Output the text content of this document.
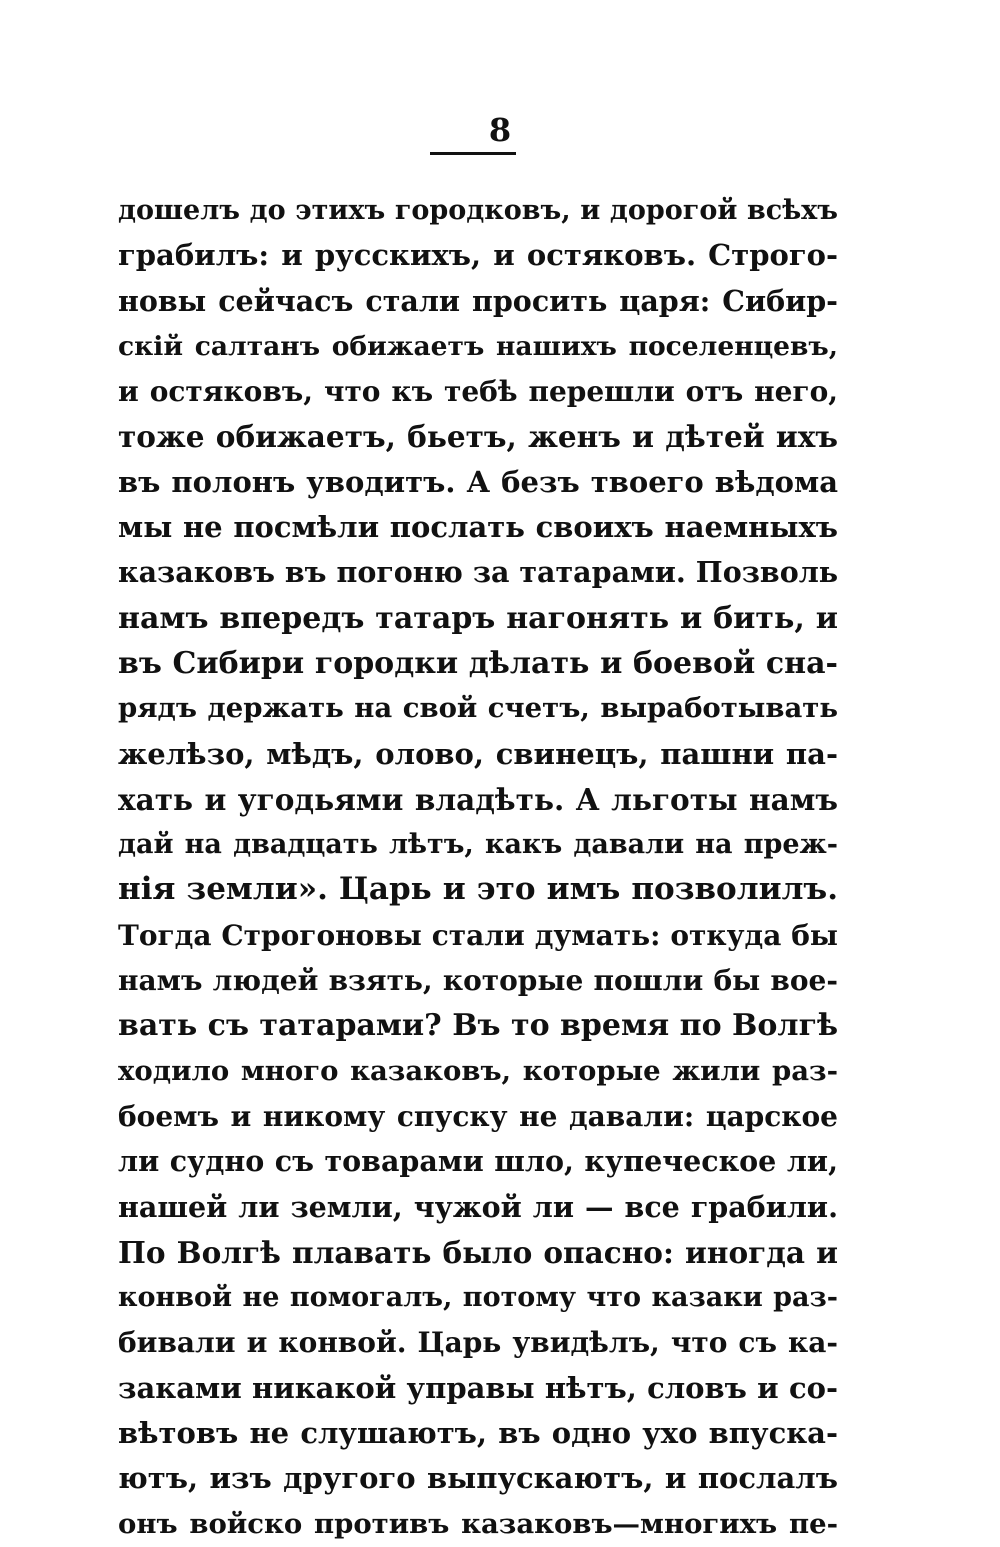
8
дошелъ до этихъ городковъ, и дорогой всѣхъ
грабилъ: и русскихъ, и остяковъ. Строго-
новы сейчасъ стали просить царя: Сибир-
скій салтанъ обижаетъ нашихъ поселенцевъ,
и остяковъ, что къ тебѣ перешли отъ него,
тоже обижаетъ, бьетъ, женъ и дѣтей ихъ
въ полонъ уводитъ. А безъ твоего вѣдома
мы не посмѣли послать своихъ наемныхъ
казаковъ въ погоню за татарами. Позволь
намъ впередъ татаръ нагонять и бить, и
въ Сибири городки дѣлать и боевой сна-
рядъ держать на свой счетъ, выработывать
желѣзо, мѣдъ, олово, свинецъ, пашни па-
хать и угодьями владѣть. А льготы намъ
дай на двадцать лѣтъ, какъ давали на преж-
нія земли». Царь и это имъ позволилъ.
Тогда Строгоновы стали думать: откуда бы
намъ людей взять, которые пошли бы вое-
вать съ татарами? Въ то время по Волгѣ
ходило много казаковъ, которые жили раз-
боемъ и никому спуску не давали: царское
ли судно съ товарами шло, купеческое ли,
нашей ли земли, чужой ли — все грабили.
По Волгѣ плавать было опасно: иногда и
конвой не помогалъ, потому что казаки раз-
бивали и конвой. Царь увидѣлъ, что съ ка-
заками никакой управы нѣтъ, словъ и со-
вѣтовъ не слушаютъ, въ одно ухо впуска-
ютъ, изъ другого выпускаютъ, и послалъ
онъ войско противъ казаковъ—многихъ пе-
